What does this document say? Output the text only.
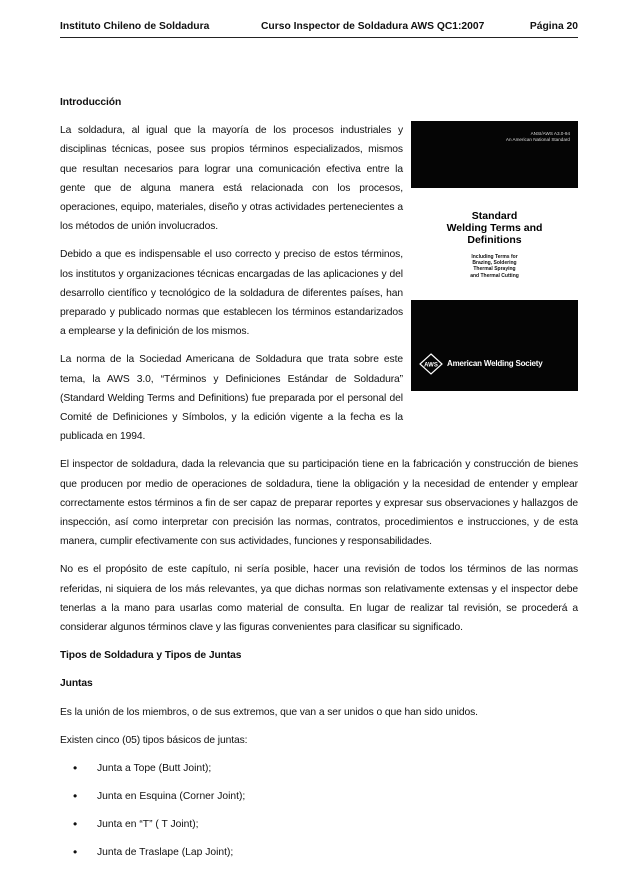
Instituto Chileno de Soldadura	Curso Inspector de Soldadura AWS QC1:2007	Página 20

Introducción

La soldadura, al igual que la mayoría de los procesos industriales y disciplinas técnicas, posee sus propios términos especializados, mismos que resultan necesarios para lograr una comunicación efectiva entre la gente que de alguna manera está relacionada con los procesos, operaciones, equipo, materiales, diseño y otras actividades pertenecientes a los métodos de unión involucrados.

Debido a que es indispensable el uso correcto y preciso de estos términos, los institutos y organizaciones técnicas encargadas de las aplicaciones y del desarrollo científico y tecnológico de la soldadura de diferentes países, han preparado y publicado normas que establecen los términos estandarizados a emplearse y la definición de los mismos.

La norma de la Sociedad Americana de Soldadura que trata sobre este tema, la AWS 3.0, “Términos y Definiciones Estándar de Soldadura” (Standard Welding Terms and Definitions) fue preparada por el personal del Comité de Definiciones y Símbolos, y la edición vigente a la fecha es la publicada en 1994.

ANSI/AWS A3.0-94
An American National Standard
Standard
Welding Terms and
Definitions
Including Terms for
Brazing, Soldering
Thermal Spraying
and Thermal Cutting
AWS American Welding Society

El inspector de soldadura, dada la relevancia que su participación tiene en la fabricación y construcción de bienes que producen por medio de operaciones de soldadura, tiene la obligación y la necesidad de entender y emplear correctamente estos términos a fin de ser capaz de preparar reportes y expresar sus observaciones y hallazgos de inspección, así como interpretar con precisión las normas, contratos, procedimientos e instrucciones, y de esta manera, cumplir efectivamente con sus actividades, funciones y responsabilidades.

No es el propósito de este capítulo, ni sería posible, hacer una revisión de todos los términos de las normas referidas, ni siquiera de los más relevantes, ya que dichas normas son relativamente extensas y el inspector debe tenerlas a la mano para usarlas como material de consulta. En lugar de realizar tal revisión, se procederá a considerar algunos términos clave y las figuras convenientes para clasificar su significado.

Tipos de Soldadura y Tipos de Juntas

Juntas

Es la unión de los miembros, o de sus extremos, que van a ser unidos o que han sido unidos.

Existen cinco (05) tipos básicos de juntas:

• Junta a Tope (Butt Joint);
• Junta en Esquina (Corner Joint);
• Junta en “T” ( T Joint);
• Junta de Traslape (Lap Joint);
